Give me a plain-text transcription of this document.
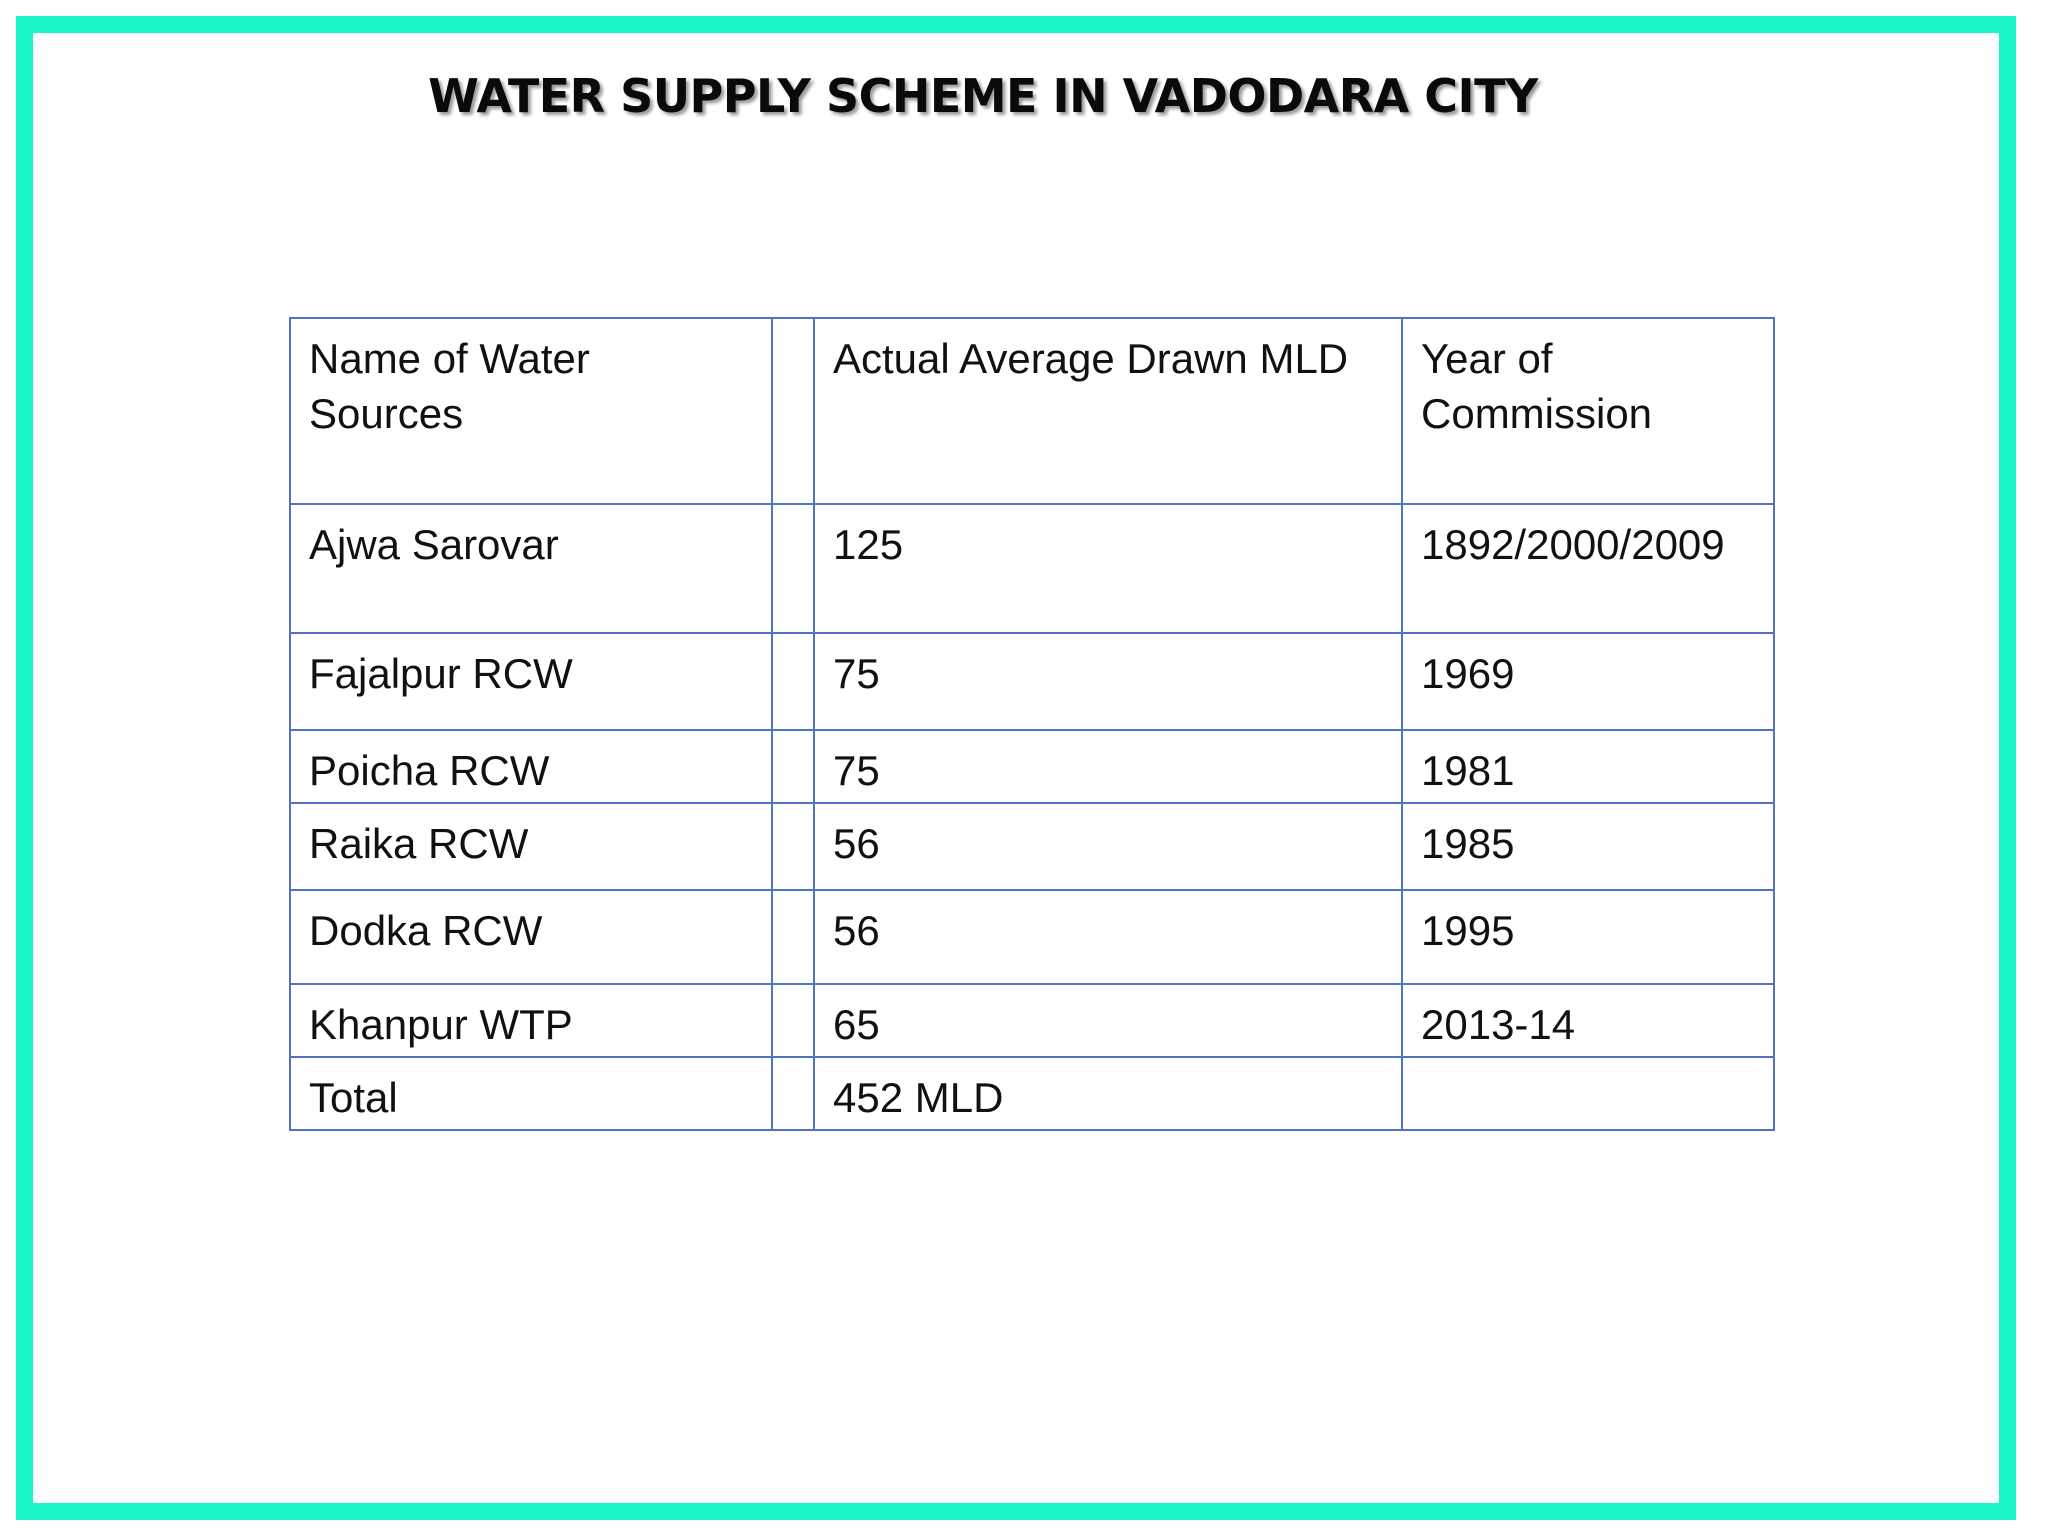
WATER SUPPLY SCHEME IN VADODARA CITY
Name of Water Sources		Actual Average Drawn MLD	Year of Commission
Ajwa Sarovar		125	1892/2000/2009
Fajalpur RCW		75	1969
Poicha RCW		75	1981
Raika RCW		56	1985
Dodka RCW		56	1995
Khanpur WTP		65	2013-14
Total		452 MLD	
